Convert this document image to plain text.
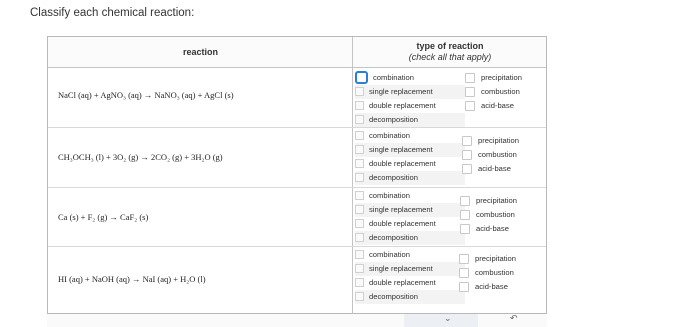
Classify each chemical reaction:
reaction
type of reaction
(check all that apply)
NaCl (aq) + AgNO₃ (aq) → NaNO₃ (aq) + AgCl (s)
combination
single replacement
double replacement
decomposition
precipitation
combustion
acid-base
CH₃OCH₃ (l) + 3O₂ (g) → 2CO₂ (g) + 3H₂O (g)
combination
single replacement
double replacement
decomposition
precipitation
combustion
acid-base
Ca (s) + F₂ (g) → CaF₂ (s)
combination
single replacement
double replacement
decomposition
precipitation
combustion
acid-base
HI (aq) + NaOH (aq) → NaI (aq) + H₂O (l)
combination
single replacement
double replacement
decomposition
precipitation
combustion
acid-base
⌄	↶
